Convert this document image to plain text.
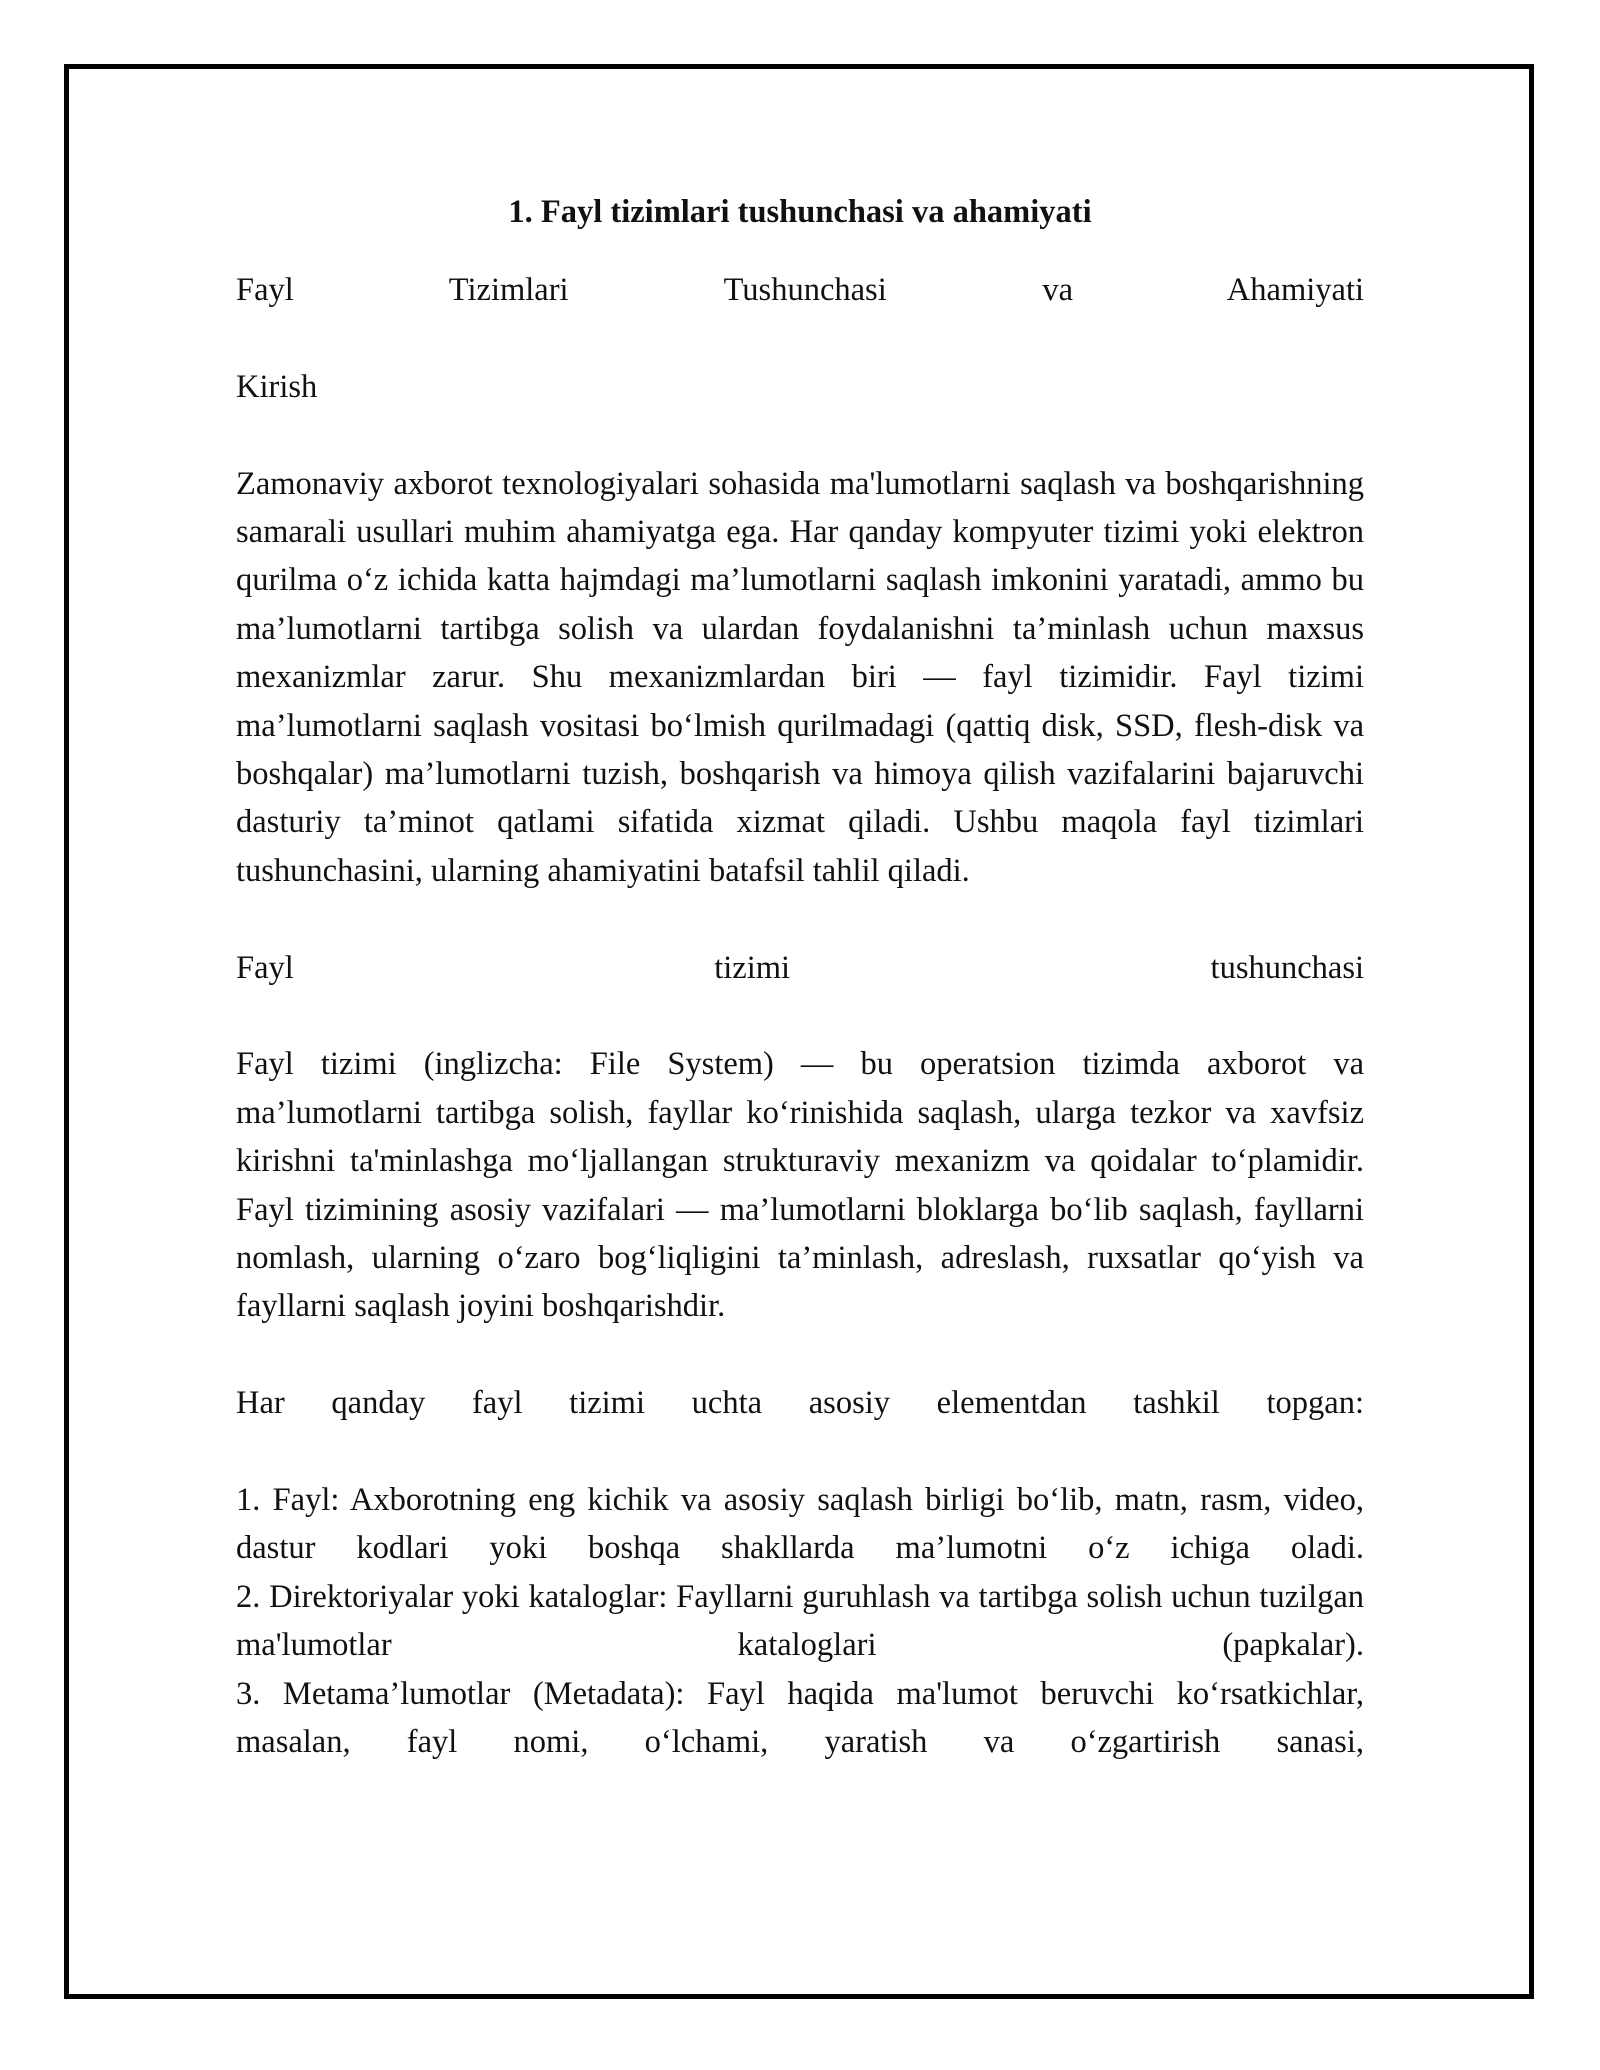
1. Fayl tizimlari tushunchasi va ahamiyati

Fayl Tizimlari Tushunchasi va Ahamiyati

Kirish

Zamonaviy axborot texnologiyalari sohasida ma'lumotlarni saqlash va boshqarishning samarali usullari muhim ahamiyatga ega. Har qanday kompyuter tizimi yoki elektron qurilma o‘z ichida katta hajmdagi ma’lumotlarni saqlash imkonini yaratadi, ammo bu ma’lumotlarni tartibga solish va ulardan foydalanishni ta’minlash uchun maxsus mexanizmlar zarur. Shu mexanizmlardan biri — fayl tizimidir. Fayl tizimi ma’lumotlarni saqlash vositasi bo‘lmish qurilmadagi (qattiq disk, SSD, flesh-disk va boshqalar) ma’lumotlarni tuzish, boshqarish va himoya qilish vazifalarini bajaruvchi dasturiy ta’minot qatlami sifatida xizmat qiladi. Ushbu maqola fayl tizimlari tushunchasini, ularning ahamiyatini batafsil tahlil qiladi.

Fayl tizimi tushunchasi

Fayl tizimi (inglizcha: File System) — bu operatsion tizimda axborot va ma’lumotlarni tartibga solish, fayllar ko‘rinishida saqlash, ularga tezkor va xavfsiz kirishni ta'minlashga mo‘ljallangan strukturaviy mexanizm va qoidalar to‘plamidir. Fayl tizimining asosiy vazifalari — ma’lumotlarni bloklarga bo‘lib saqlash, fayllarni nomlash, ularning o‘zaro bog‘liqligini ta’minlash, adreslash, ruxsatlar qo‘yish va fayllarni saqlash joyini boshqarishdir.

Har qanday fayl tizimi uchta asosiy elementdan tashkil topgan:

1. Fayl: Axborotning eng kichik va asosiy saqlash birligi bo‘lib, matn, rasm, video, dastur kodlari yoki boshqa shakllarda ma’lumotni o‘z ichiga oladi.

2. Direktoriyalar yoki kataloglar: Fayllarni guruhlash va tartibga solish uchun tuzilgan ma'lumotlar kataloglari (papkalar).

3. Metama’lumotlar (Metadata): Fayl haqida ma'lumot beruvchi ko‘rsatkichlar, masalan, fayl nomi, o‘lchami, yaratish va o‘zgartirish sanasi,
